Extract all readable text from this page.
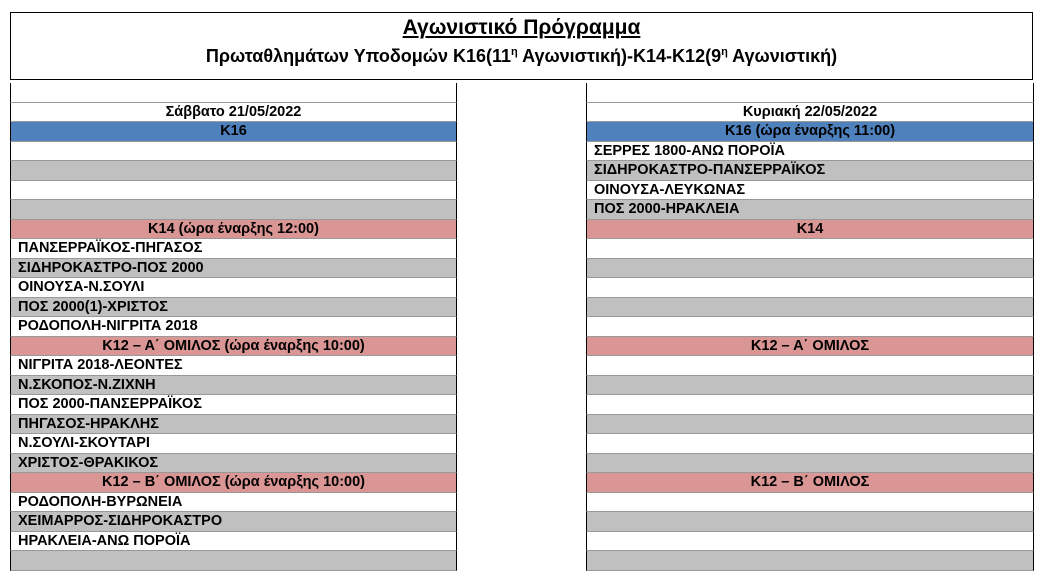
Αγωνιστικό Πρόγραμμα
Πρωταθλημάτων Υποδομών $K16(11^\eta$ $A\gamma\omega\nu\iota\sigma\tau\iota\kappa ή)-K14-K12(9^\eta$ Αγωνιστική)
Σάββατο 21/05/2022
Κ16
Κ14 (ώρα έναρξης 12:00)
ΠΑΝΣΕΡΡΑΪΚΟΣ-ΠΗΓΑΣΟΣ
ΣΙΔΗΡΟΚΑΣΤΡΟ-ΠΟΣ 2000
ΟΙΝΟΥΣΑ-Ν.ΣΟΥΛΙ
ΠΟΣ 2000(1)-ΧΡΙΣΤΟΣ
ΡΟΔΟΠΟΛΗ-ΝΙΓΡΙΤΑ 2018
Κ12 – Α΄ ΟΜΙΛΟΣ (ώρα έναρξης 10:00)
ΝΙΓΡΙΤΑ 2018-ΛΕΟΝΤΕΣ
Ν.ΣΚΟΠΟΣ-Ν.ΖΙΧΝΗ
ΠΟΣ 2000-ΠΑΝΣΕΡΡΑΪΚΟΣ
ΠΗΓΑΣΟΣ-ΗΡΑΚΛΗΣ
Ν.ΣΟΥΛΙ-ΣΚΟΥΤΑΡΙ
ΧΡΙΣΤΟΣ-ΘΡΑΚΙΚΟΣ
Κ12 – Β΄ ΟΜΙΛΟΣ (ώρα έναρξης 10:00)
ΡΟΔΟΠΟΛΗ-ΒΥΡΩΝΕΙΑ
ΧΕΙΜΑΡΡΟΣ-ΣΙΔΗΡΟΚΑΣΤΡΟ
ΗΡΑΚΛΕΙΑ-ΑΝΩ ΠΟΡΟΪΑ
Κυριακή 22/05/2022
Κ16 (ώρα έναρξης 11:00)
ΣΕΡΡΕΣ 1800-ΑΝΩ ΠΟΡΟΪΑ
ΣΙΔΗΡΟΚΑΣΤΡΟ-ΠΑΝΣΕΡΡΑΪΚΟΣ
ΟΙΝΟΥΣΑ-ΛΕΥΚΩΝΑΣ
ΠΟΣ 2000-ΗΡΑΚΛΕΙΑ
Κ14
Κ12 – Α΄ ΟΜΙΛΟΣ
Κ12 – Β΄ ΟΜΙΛΟΣ
